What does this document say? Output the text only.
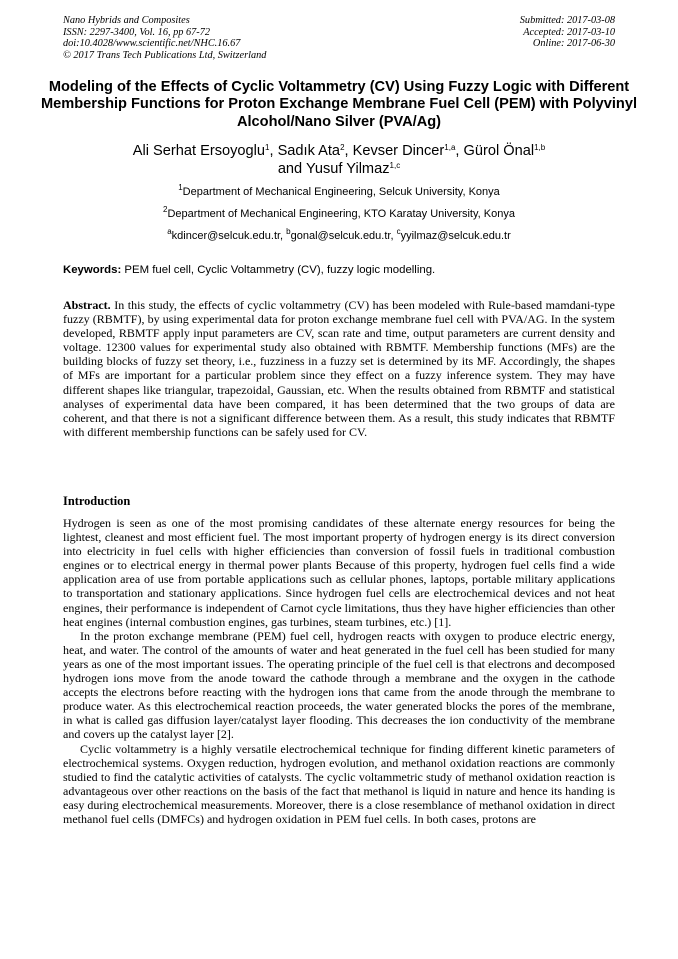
Nano Hybrids and Composites
ISSN: 2297-3400, Vol. 16, pp 67-72
doi:10.4028/www.scientific.net/NHC.16.67
© 2017 Trans Tech Publications Ltd, Switzerland
Submitted: 2017-03-08
Accepted: 2017-03-10
Online: 2017-06-30
Modeling of the Effects of Cyclic Voltammetry (CV) Using Fuzzy Logic with Different Membership Functions for Proton Exchange Membrane Fuel Cell (PEM) with Polyvinyl Alcohol/Nano Silver (PVA/Ag)
Ali Serhat Ersoyoglu$^1$, Sadık Ata$^2$, Kevser Dincer$^{1,a}$, Gürol Önal$^{1,b}$
and Yusuf Yilmaz$^{1,c}$
$^1$Department of Mechanical Engineering, Selcuk University, Konya
$^2$Department of Mechanical Engineering, KTO Karatay University, Konya
$^a$kdincer@selcuk.edu.tr, $^b$gonal@selcuk.edu.tr, $^c$yyilmaz@selcuk.edu.tr
Keywords: PEM fuel cell, Cyclic Voltammetry (CV), fuzzy logic modelling.
Abstract. In this study, the effects of cyclic voltammetry (CV) has been modeled with Rule-based mamdani-type fuzzy (RBMTF), by using experimental data for proton exchange membrane fuel cell with PVA/AG. In the system developed, RBMTF apply input parameters are CV, scan rate and time, output parameters are current density and voltage. 12300 values for experimental study also obtained with RBMTF. Membership functions (MFs) are the building blocks of fuzzy set theory, i.e., fuzziness in a fuzzy set is determined by its MF. Accordingly, the shapes of MFs are important for a particular problem since they effect on a fuzzy inference system. They may have different shapes like triangular, trapezoidal, Gaussian, etc. When the results obtained from RBMTF and statistical analyses of experimental data have been compared, it has been determined that the two groups of data are coherent, and that there is not a significant difference between them. As a result, this study indicates that RBMTF with different membership functions can be safely used for CV.
Introduction

Hydrogen is seen as one of the most promising candidates of these alternate energy resources for being the lightest, cleanest and most efficient fuel. The most important property of hydrogen energy is its direct conversion into electricity in fuel cells with higher efficiencies than conversion of fossil fuels in traditional combustion engines or to electrical energy in thermal power plants Because of this property, hydrogen fuel cells find a wide application area of use from portable applications such as cellular phones, laptops, portable military applications to transportation and stationary applications. Since hydrogen fuel cells are electrochemical devices and not heat engines, their performance is independent of Carnot cycle limitations, thus they have higher efficiencies than other heat engines (internal combustion engines, gas turbines, steam turbines, etc.) [1].

In the proton exchange membrane (PEM) fuel cell, hydrogen reacts with oxygen to produce electric energy, heat, and water. The control of the amounts of water and heat generated in the fuel cell has been studied for many years as one of the most important issues. The operating principle of the fuel cell is that electrons and decomposed hydrogen ions move from the anode toward the cathode through a membrane and the oxygen in the cathode accepts the electrons before reacting with the hydrogen ions that came from the anode through the membrane to produce water. As this electrochemical reaction proceeds, the water generated blocks the pores of the membrane, in what is called gas diffusion layer/catalyst layer flooding. This decreases the ion conductivity of the membrane and covers up the catalyst layer [2].

Cyclic voltammetry is a highly versatile electrochemical technique for finding different kinetic parameters of electrochemical systems. Oxygen reduction, hydrogen evolution, and methanol oxidation reactions are commonly studied to find the catalytic activities of catalysts. The cyclic voltammetric study of methanol oxidation reaction is advantageous over other reactions on the basis of the fact that methanol is liquid in nature and hence its handing is easy during electrochemical measurements. Moreover, there is a close resemblance of methanol oxidation in direct methanol fuel cells (DMFCs) and hydrogen oxidation in PEM fuel cells. In both cases, protons are
